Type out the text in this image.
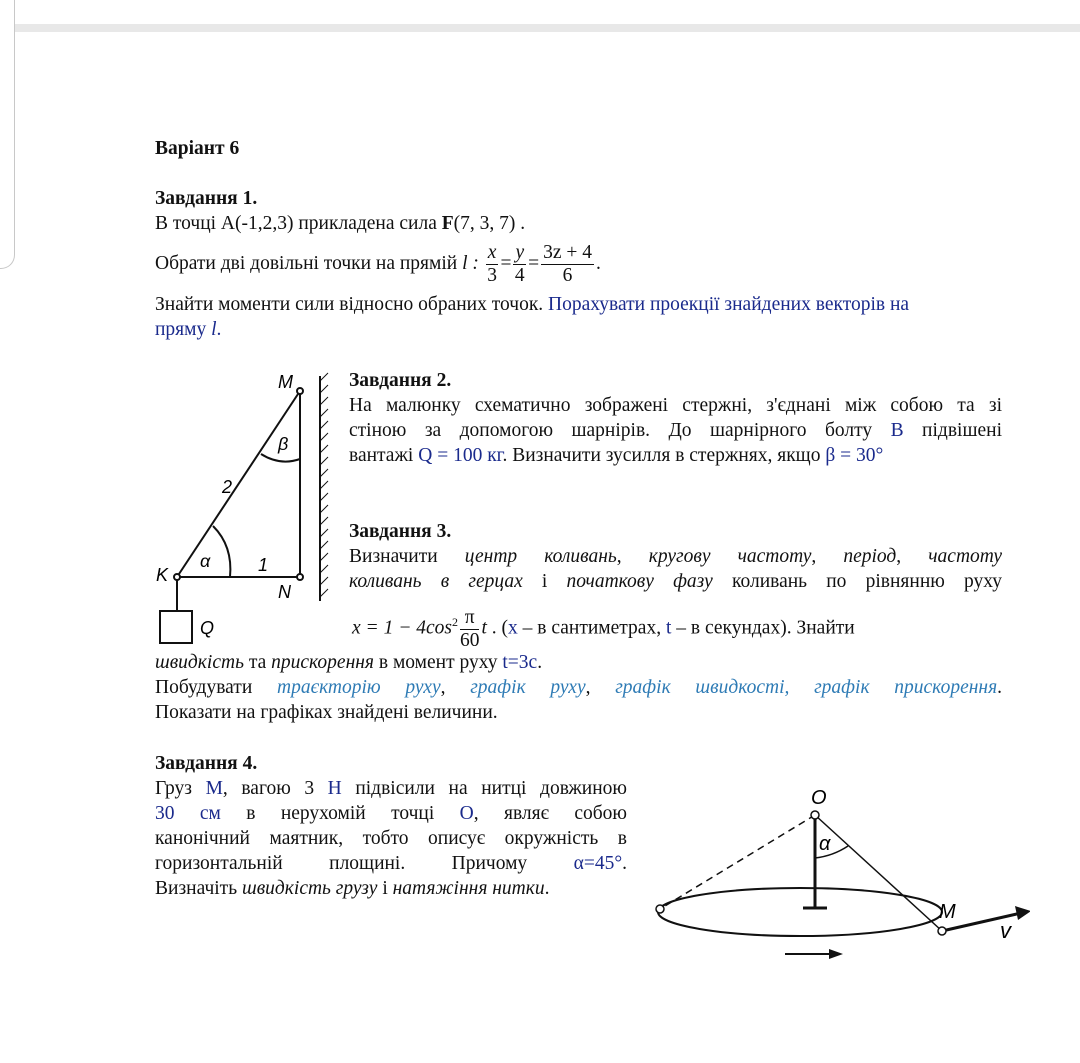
Варіант 6
Завдання 1.
В точці А(-1,2,3) прикладена сила F(7, 3, 7) .
Обрати дві довільні точки на прямій l : $\frac{x}{3} = \frac{y}{4} = \frac{3z + 4}{6}$ .
Знайти моменти сили відносно обраних точок. Порахувати проекції знайдених векторів на
пряму l.
M
β
2
K
α	1
N
Q
Завдання 2.
На малюнку схематично зображені стержні, з'єднані між собою та зі
стіною за допомогою шарнірів. До шарнірного болту В підвішені
вантажі Q = 100 кг. Визначити зусилля в стержнях, якщо β = 30°
Завдання 3.
Визначити центр коливань, кругову частоту, період, частоту
коливань в герцах і початкову фазу коливань по рівнянню руху
$x = 1 - 4\cos^2 \frac{\pi}{60}$ t . (x – в сантиметрах, t – в секундах). Знайти
швидкість та прискорення в момент руху t=3c.
Побудувати траєкторію руху, графік руху, графік швидкості, графік прискорення.
Показати на графіках знайдені величини.
Завдання 4.
Груз М, вагою 3 Н підвісили на нитці довжиною
30 см в нерухомій точці О, являє собою
канонічний маятник, тобто описує окружність в
горизонтальній площині. Причому α=45°.
Визначіть швидкість грузу і натяжіння нитки.
O
α
M
v
